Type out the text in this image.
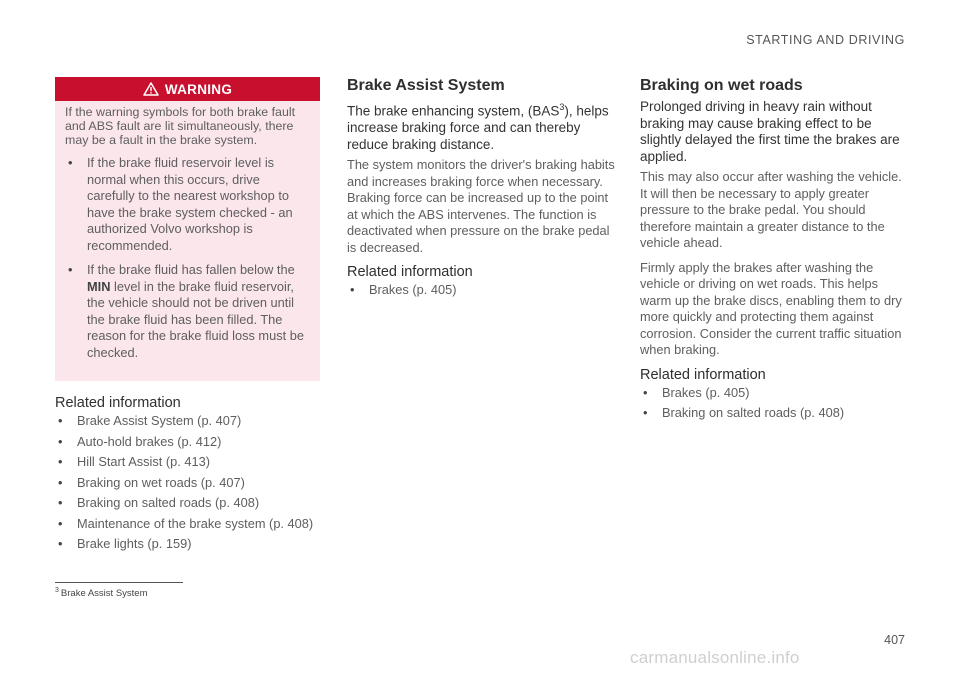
STARTING AND DRIVING
WARNING

If the warning symbols for both brake fault and ABS fault are lit simultaneously, there may be a fault in the brake system.

• If the brake fluid reservoir level is normal when this occurs, drive carefully to the nearest workshop to have the brake system checked - an authorized Volvo workshop is recommended.
• If the brake fluid has fallen below the MIN level in the brake fluid reservoir, the vehicle should not be driven until the brake fluid has been filled. The reason for the brake fluid loss must be checked.
Related information
• Brake Assist System (p. 407)
• Auto-hold brakes (p. 412)
• Hill Start Assist (p. 413)
• Braking on wet roads (p. 407)
• Braking on salted roads (p. 408)
• Maintenance of the brake system (p. 408)
• Brake lights (p. 159)
Brake Assist System

The brake enhancing system, (BAS$^3$), helps increase braking force and can thereby reduce braking distance.

The system monitors the driver's braking habits and increases braking force when necessary. Braking force can be increased up to the point at which the ABS intervenes. The function is deactivated when pressure on the brake pedal is decreased.

Related information
• Brakes (p. 405)
Braking on wet roads

Prolonged driving in heavy rain without braking may cause braking effect to be slightly delayed the first time the brakes are applied.

This may also occur after washing the vehicle. It will then be necessary to apply greater pressure to the brake pedal. You should therefore maintain a greater distance to the vehicle ahead.

Firmly apply the brakes after washing the vehicle or driving on wet roads. This helps warm up the brake discs, enabling them to dry more quickly and protecting them against corrosion. Consider the current traffic situation when braking.

Related information
• Brakes (p. 405)
• Braking on salted roads (p. 408)
$^3$ Brake Assist System
407
carmanualsonline.info
